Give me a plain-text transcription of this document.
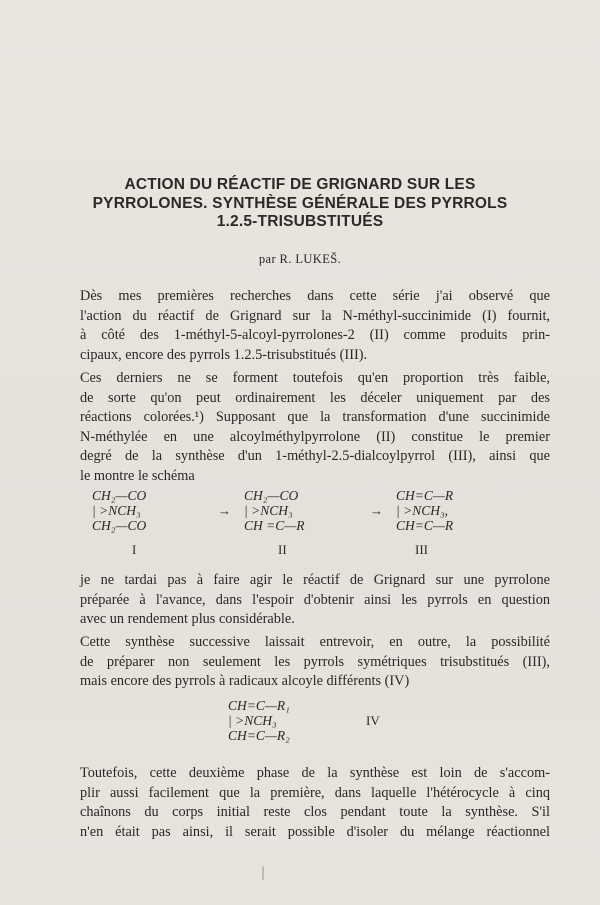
ACTION DU RÉACTIF DE GRIGNARD SUR LES
PYRROLONES. SYNTHÈSE GÉNÉRALE DES PYRROLS
1.2.5-TRISUBSTITUÉS
par R. LUKEŠ.
Dès mes premières recherches dans cette série j'ai observé que
l'action du réactif de Grignard sur la N-méthyl-succinimide (I) fournit,
à côté des 1-méthyl-5-alcoyl-pyrrolones-2 (II) comme produits prin-
cipaux, encore des pyrrols 1.2.5-trisubstitués (III).
Ces derniers ne se forment toutefois qu'en proportion très faible,
de sorte qu'on peut ordinairement les déceler uniquement par des
réactions colorées.¹) Supposant que la transformation d'une succinimide
N-méthylée en une alcoylméthylpyrrolone (II) constitue le premier
degré de la synthèse d'un 1-méthyl-2.5-dialcoylpyrrol (III), ainsi que
le montre le schéma
CH₂—CO
| >NCH₃
CH₂—CO
→
CH₂—CO
| >NCH₃
CH =C—R
→
CH=C—R
| >NCH₃,
CH=C—R
I	II	III
je ne tardai pas à faire agir le réactif de Grignard sur une pyrrolone
préparée à l'avance, dans l'espoir d'obtenir ainsi les pyrrols en question
avec un rendement plus considérable.
Cette synthèse successive laissait entrevoir, en outre, la possibilité
de préparer non seulement les pyrrols symétriques trisubstitués (III),
mais encore des pyrrols à radicaux alcoyle différents (IV)
CH=C—R₁
| >NCH₃
CH=C—R₂
IV
Toutefois, cette deuxième phase de la synthèse est loin de s'accom-
plir aussi facilement que la première, dans laquelle l'hétérocycle à cinq
chaînons du corps initial reste clos pendant toute la synthèse. S'il
n'en était pas ainsi, il serait possible d'isoler du mélange réactionnel
